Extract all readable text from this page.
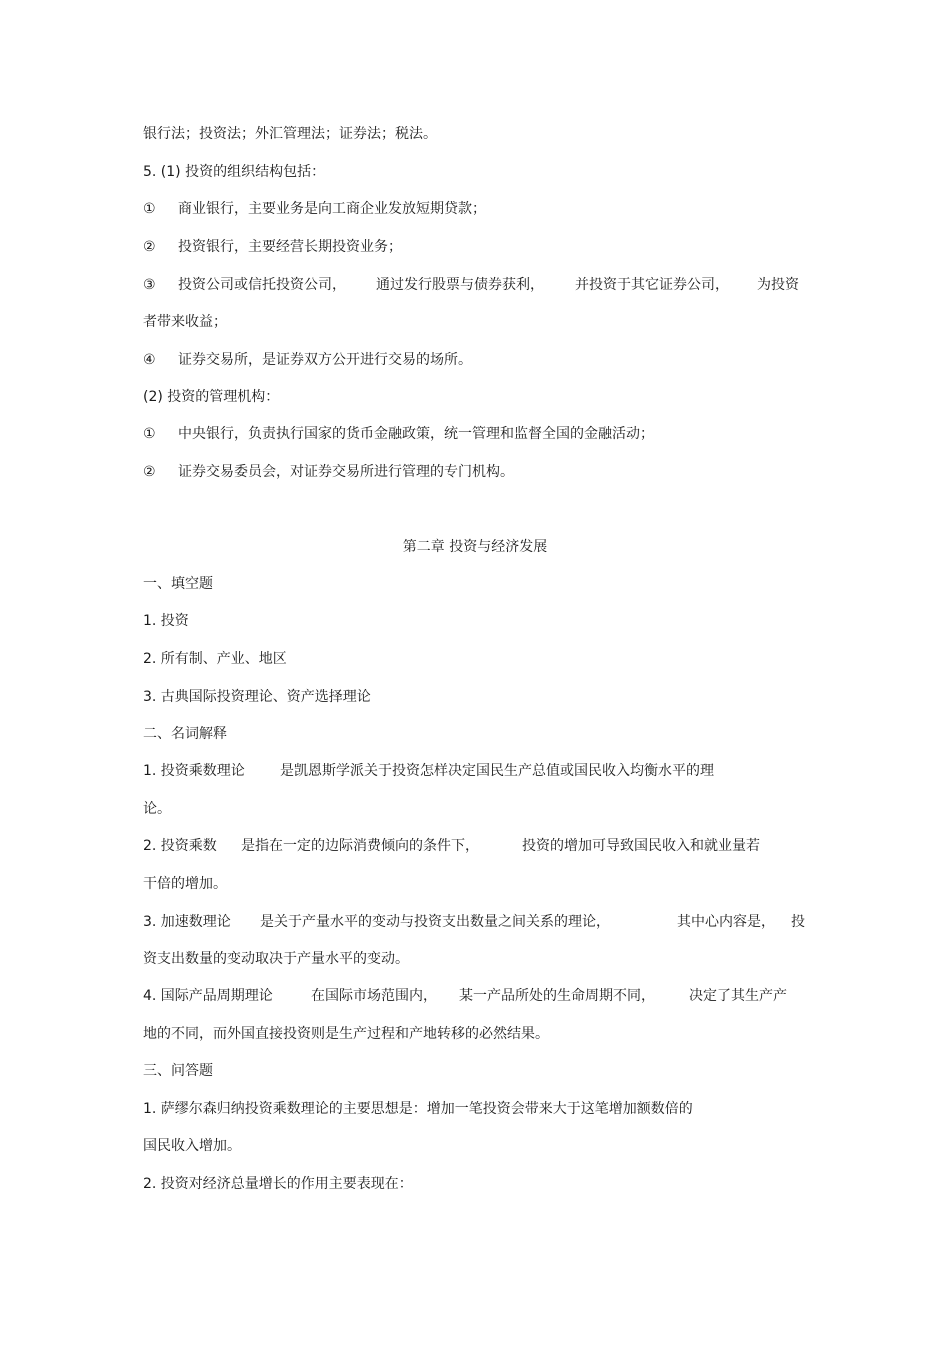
银行法；投资法；外汇管理法；证券法；税法。
5. (1) 投资的组织结构包括：
① 商业银行，主要业务是向工商企业发放短期贷款；
② 投资银行，主要经营长期投资业务；
③ 投资公司或信托投资公司， 通过发行股票与债券获利， 并投资于其它证券公司， 为投资
者带来收益；
④ 证券交易所，是证券双方公开进行交易的场所。
(2) 投资的管理机构：
① 中央银行，负责执行国家的货币金融政策，统一管理和监督全国的金融活动；
② 证券交易委员会，对证券交易所进行管理的专门机构。
第二章 投资与经济发展
一、填空题
1. 投资
2. 所有制、产业、地区
3. 古典国际投资理论、资产选择理论
二、名词解释
1. 投资乘数理论	是凯恩斯学派关于投资怎样决定国民生产总值或国民收入均衡水平的理
论。
2. 投资乘数 是指在一定的边际消费倾向的条件下，	投资的增加可导致国民收入和就业量若
干倍的增加。
3. 加速数理论 是关于产量水平的变动与投资支出数量之间关系的理论，	其中心内容是， 投
资支出数量的变动取决于产量水平的变动。
4. 国际产品周期理论	在国际市场范围内， 某一产品所处的生命周期不同， 决定了其生产产
地的不同，而外国直接投资则是生产过程和产地转移的必然结果。
三、问答题
1. 萨缪尔森归纳投资乘数理论的主要思想是：增加一笔投资会带来大于这笔增加额数倍的
国民收入增加。
2. 投资对经济总量增长的作用主要表现在：
